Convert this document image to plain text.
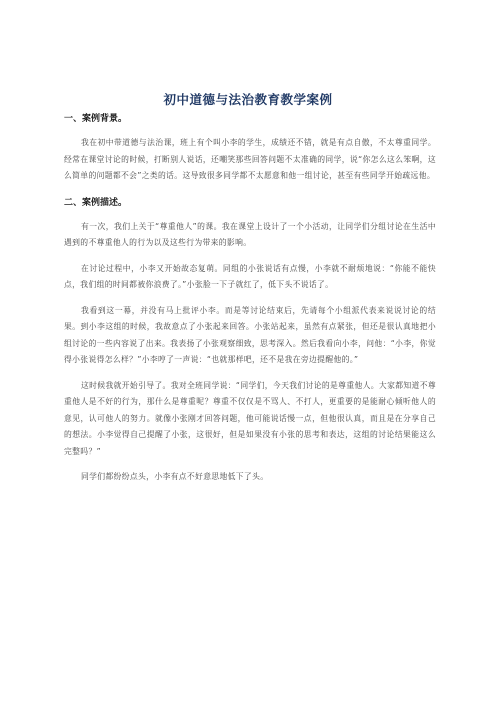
初中道德与法治教育教学案例

一、案例背景。

我在初中带道德与法治课，班上有个叫小李的学生，成绩还不错，就是有点自傲，不太尊重同学。经常在课堂讨论的时候，打断别人说话，还嘲笑那些回答问题不太准确的同学，说“你怎么这么笨啊，这么简单的问题都不会”之类的话。这导致很多同学都不太愿意和他一组讨论，甚至有些同学开始疏远他。

二、案例描述。

有一次，我们上关于“尊重他人”的课。我在课堂上设计了一个小活动，让同学们分组讨论在生活中遇到的不尊重他人的行为以及这些行为带来的影响。

在讨论过程中，小李又开始故态复萌。同组的小张说话有点慢，小李就不耐烦地说：“你能不能快点，我们组的时间都被你浪费了。”小张脸一下子就红了，低下头不说话了。

我看到这一幕，并没有马上批评小李。而是等讨论结束后，先请每个小组派代表来说说讨论的结果。到小李这组的时候，我故意点了小张起来回答。小张站起来，虽然有点紧张，但还是很认真地把小组讨论的一些内容说了出来。我表扬了小张观察细致，思考深入。然后我看向小李，问他：“小李，你觉得小张说得怎么样？”小李哼了一声说：“也就那样吧，还不是我在旁边提醒他的。”

这时候我就开始引导了。我对全班同学说：“同学们，今天我们讨论的是尊重他人。大家都知道不尊重他人是不好的行为，那什么是尊重呢？尊重不仅仅是不骂人、不打人，更重要的是能耐心倾听他人的意见，认可他人的努力。就像小张刚才回答问题，他可能说话慢一点，但他很认真，而且是在分享自己的想法。小李觉得自己提醒了小张，这很好，但是如果没有小张的思考和表达，这组的讨论结果能这么完整吗？”

同学们都纷纷点头，小李有点不好意思地低下了头。
